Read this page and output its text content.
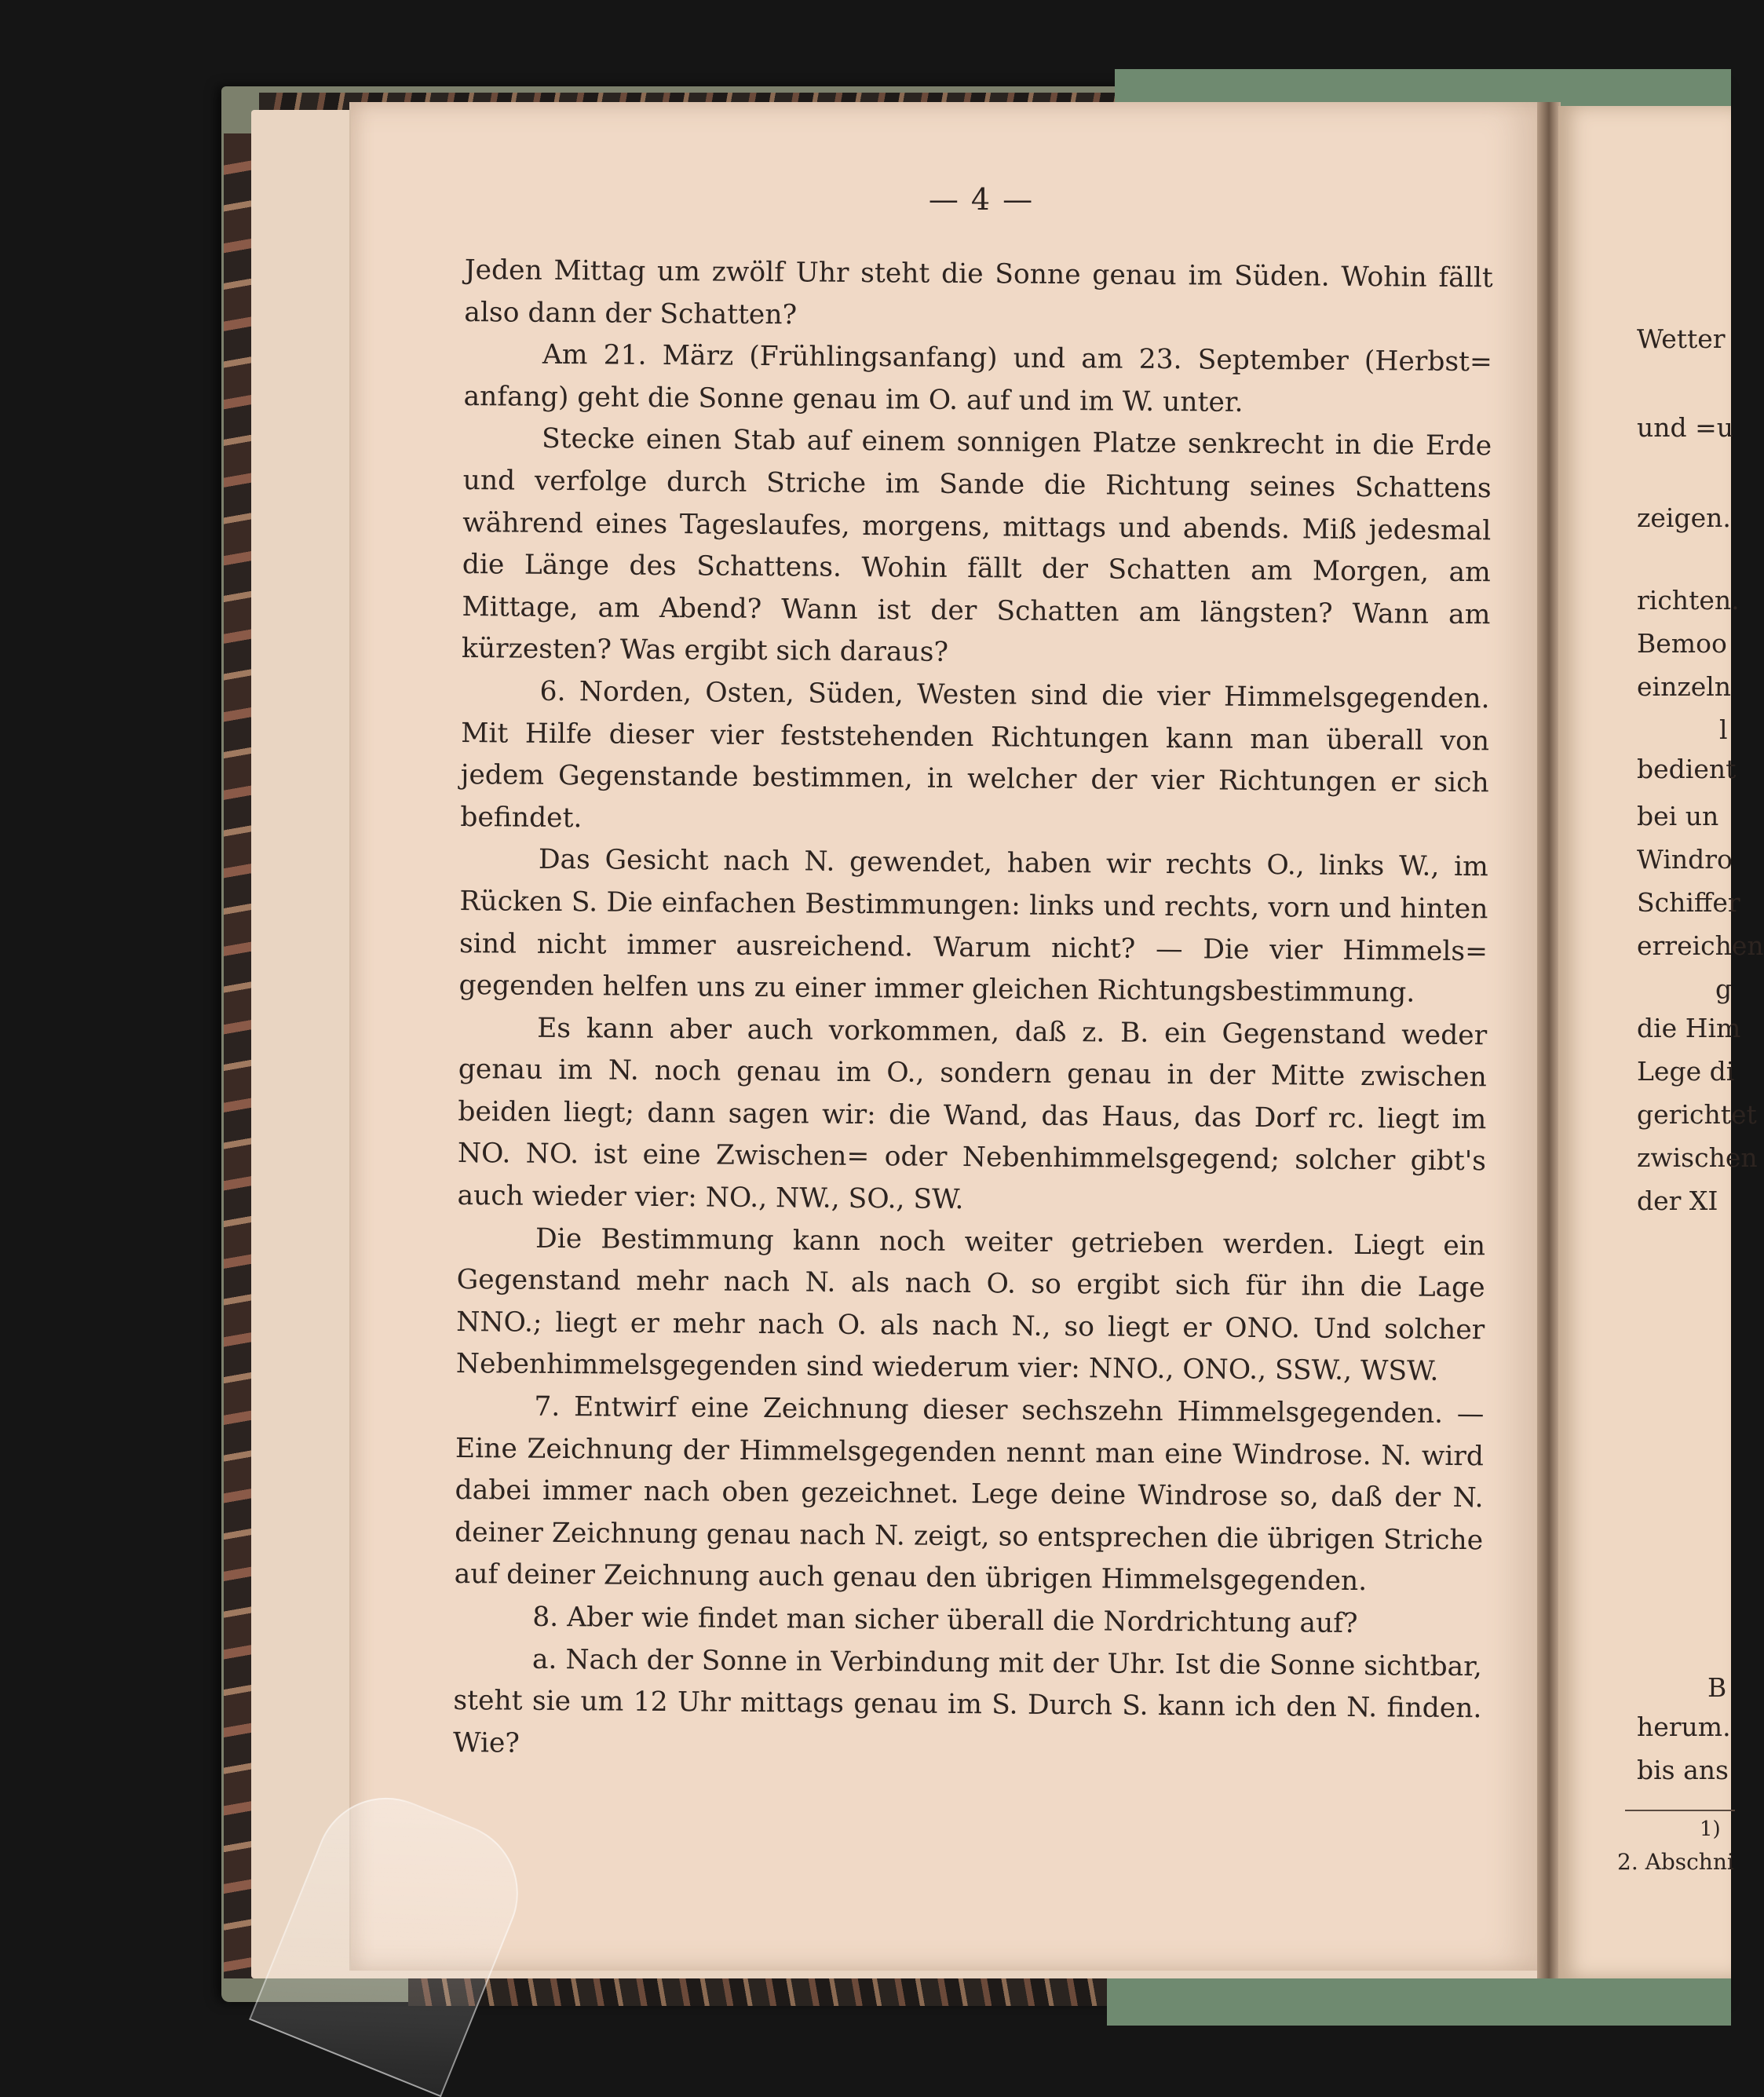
— 4 —

Jeden Mittag um zwölf Uhr steht die Sonne genau im Süden. Wohin fällt also dann der Schatten?

Am 21. März (Frühlingsanfang) und am 23. September (Herbst= anfang) geht die Sonne genau im O. auf und im W. unter.

Stecke einen Stab auf einem sonnigen Platze senkrecht in die Erde und verfolge durch Striche im Sande die Richtung seines Schattens während eines Tageslaufes, morgens, mittags und abends. Miß jedesmal die Länge des Schattens. Wohin fällt der Schatten am Morgen, am Mittage, am Abend? Wann ist der Schatten am längsten? Wann am kürzesten? Was ergibt sich daraus?

6. Norden, Osten, Süden, Westen sind die vier Himmelsgegenden. Mit Hilfe dieser vier feststehenden Richtungen kann man überall von jedem Gegenstande bestimmen, in welcher der vier Richtungen er sich befindet.

Das Gesicht nach N. gewendet, haben wir rechts O., links W., im Rücken S. Die einfachen Bestimmungen: links und rechts, vorn und hinten sind nicht immer ausreichend. Warum nicht? — Die vier Himmels= gegenden helfen uns zu einer immer gleichen Richtungsbestimmung.

Es kann aber auch vorkommen, daß z. B. ein Gegenstand weder genau im N. noch genau im O., sondern genau in der Mitte zwischen beiden liegt; dann sagen wir: die Wand, das Haus, das Dorf rc. liegt im NO. NO. ist eine Zwischen= oder Nebenhimmelsgegend; solcher gibt's auch wieder vier: NO., NW., SO., SW.

Die Bestimmung kann noch weiter getrieben werden. Liegt ein Gegenstand mehr nach N. als nach O. so ergibt sich für ihn die Lage NNO.; liegt er mehr nach O. als nach N., so liegt er ONO. Und solcher Nebenhimmelsgegenden sind wiederum vier: NNO., ONO., SSW., WSW.

7. Entwirf eine Zeichnung dieser sechszehn Himmelsgegenden. — Eine Zeichnung der Himmelsgegenden nennt man eine Windrose. N. wird dabei immer nach oben gezeichnet. Lege deine Windrose so, daß der N. deiner Zeichnung genau nach N. zeigt, so entsprechen die übrigen Striche auf deiner Zeichnung auch genau den übrigen Himmelsgegenden.

8. Aber wie findet man sicher überall die Nordrichtung auf?

a. Nach der Sonne in Verbindung mit der Uhr. Ist die Sonne sichtbar, steht sie um 12 Uhr mittags genau im S. Durch S. kann ich den N. finden. Wie?

Wetter
und =u
zeigen.
richten.
Bemoo
einzeln
l
bedient
bei un
Windro
Schiffer
erreichen
g
die Him
Lege di
gerichtet
zwischen
der XI
B
herum.
bis ans
1)
2. Abschni
